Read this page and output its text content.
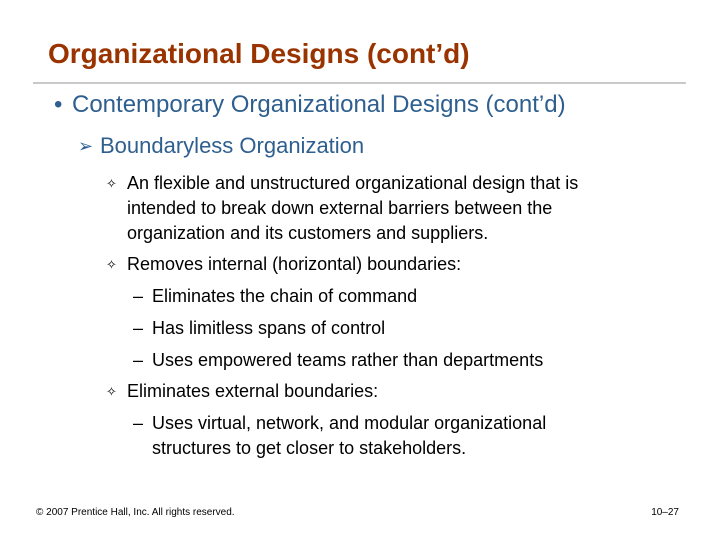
Organizational Designs (cont’d)
• Contemporary Organizational Designs (cont’d)
➢ Boundaryless Organization
✧ An flexible and unstructured organizational design that is intended to break down external barriers between the organization and its customers and suppliers.
✧ Removes internal (horizontal) boundaries:
– Eliminates the chain of command
– Has limitless spans of control
– Uses empowered teams rather than departments
✧ Eliminates external boundaries:
– Uses virtual, network, and modular organizational structures to get closer to stakeholders.
© 2007 Prentice Hall, Inc. All rights reserved.	10–27
